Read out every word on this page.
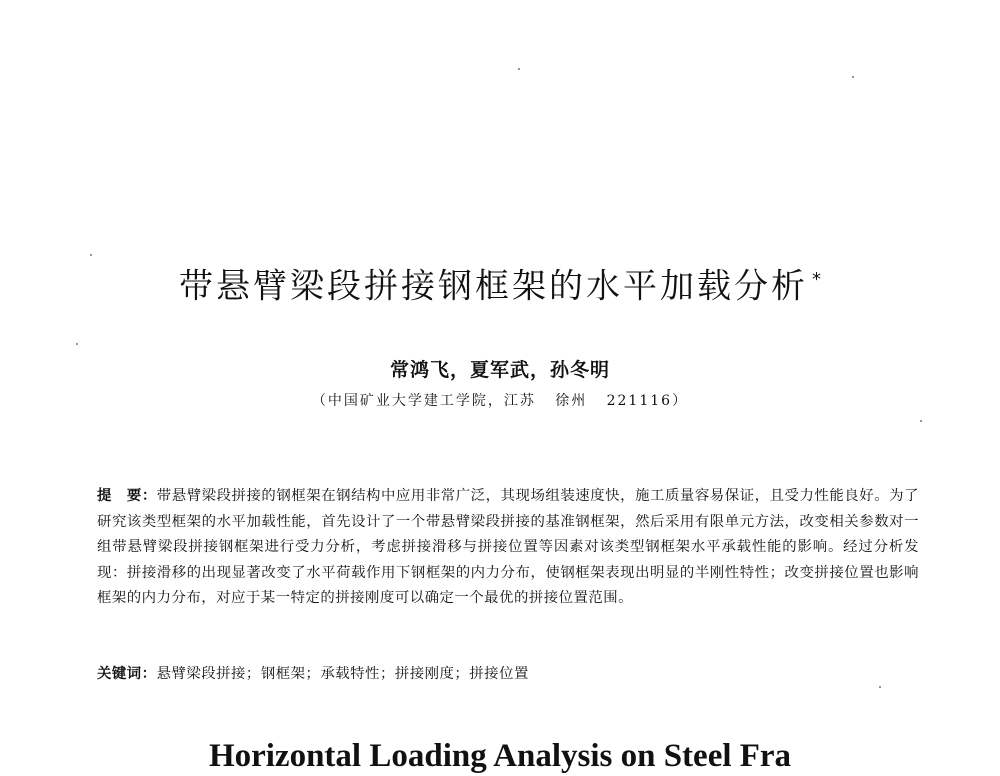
带悬臂梁段拼接钢框架的水平加载分析 *
常鸿飞，夏军武，孙冬明
（中国矿业大学建工学院，江苏   徐州   221116）
提　要：带悬臂梁段拼接的钢框架在钢结构中应用非常广泛，其现场组装速度快，施工质量容易保证，且受力性能良好。为了研究该类型框架的水平加载性能，首先设计了一个带悬臂梁段拼接的基准钢框架，然后采用有限单元方法，改变相关参数对一组带悬臂梁段拼接钢框架进行受力分析，考虑拼接滑移与拼接位置等因素对该类型钢框架水平承载性能的影响。经过分析发现：拼接滑移的出现显著改变了水平荷载作用下钢框架的内力分布，使钢框架表现出明显的半刚性特性；改变拼接位置也影响框架的内力分布，对应于某一特定的拼接刚度可以确定一个最优的拼接位置范围。
关键词：悬臂梁段拼接；钢框架；承载特性；拼接刚度；拼接位置
Horizontal Loading Analysis on Steel Fra
